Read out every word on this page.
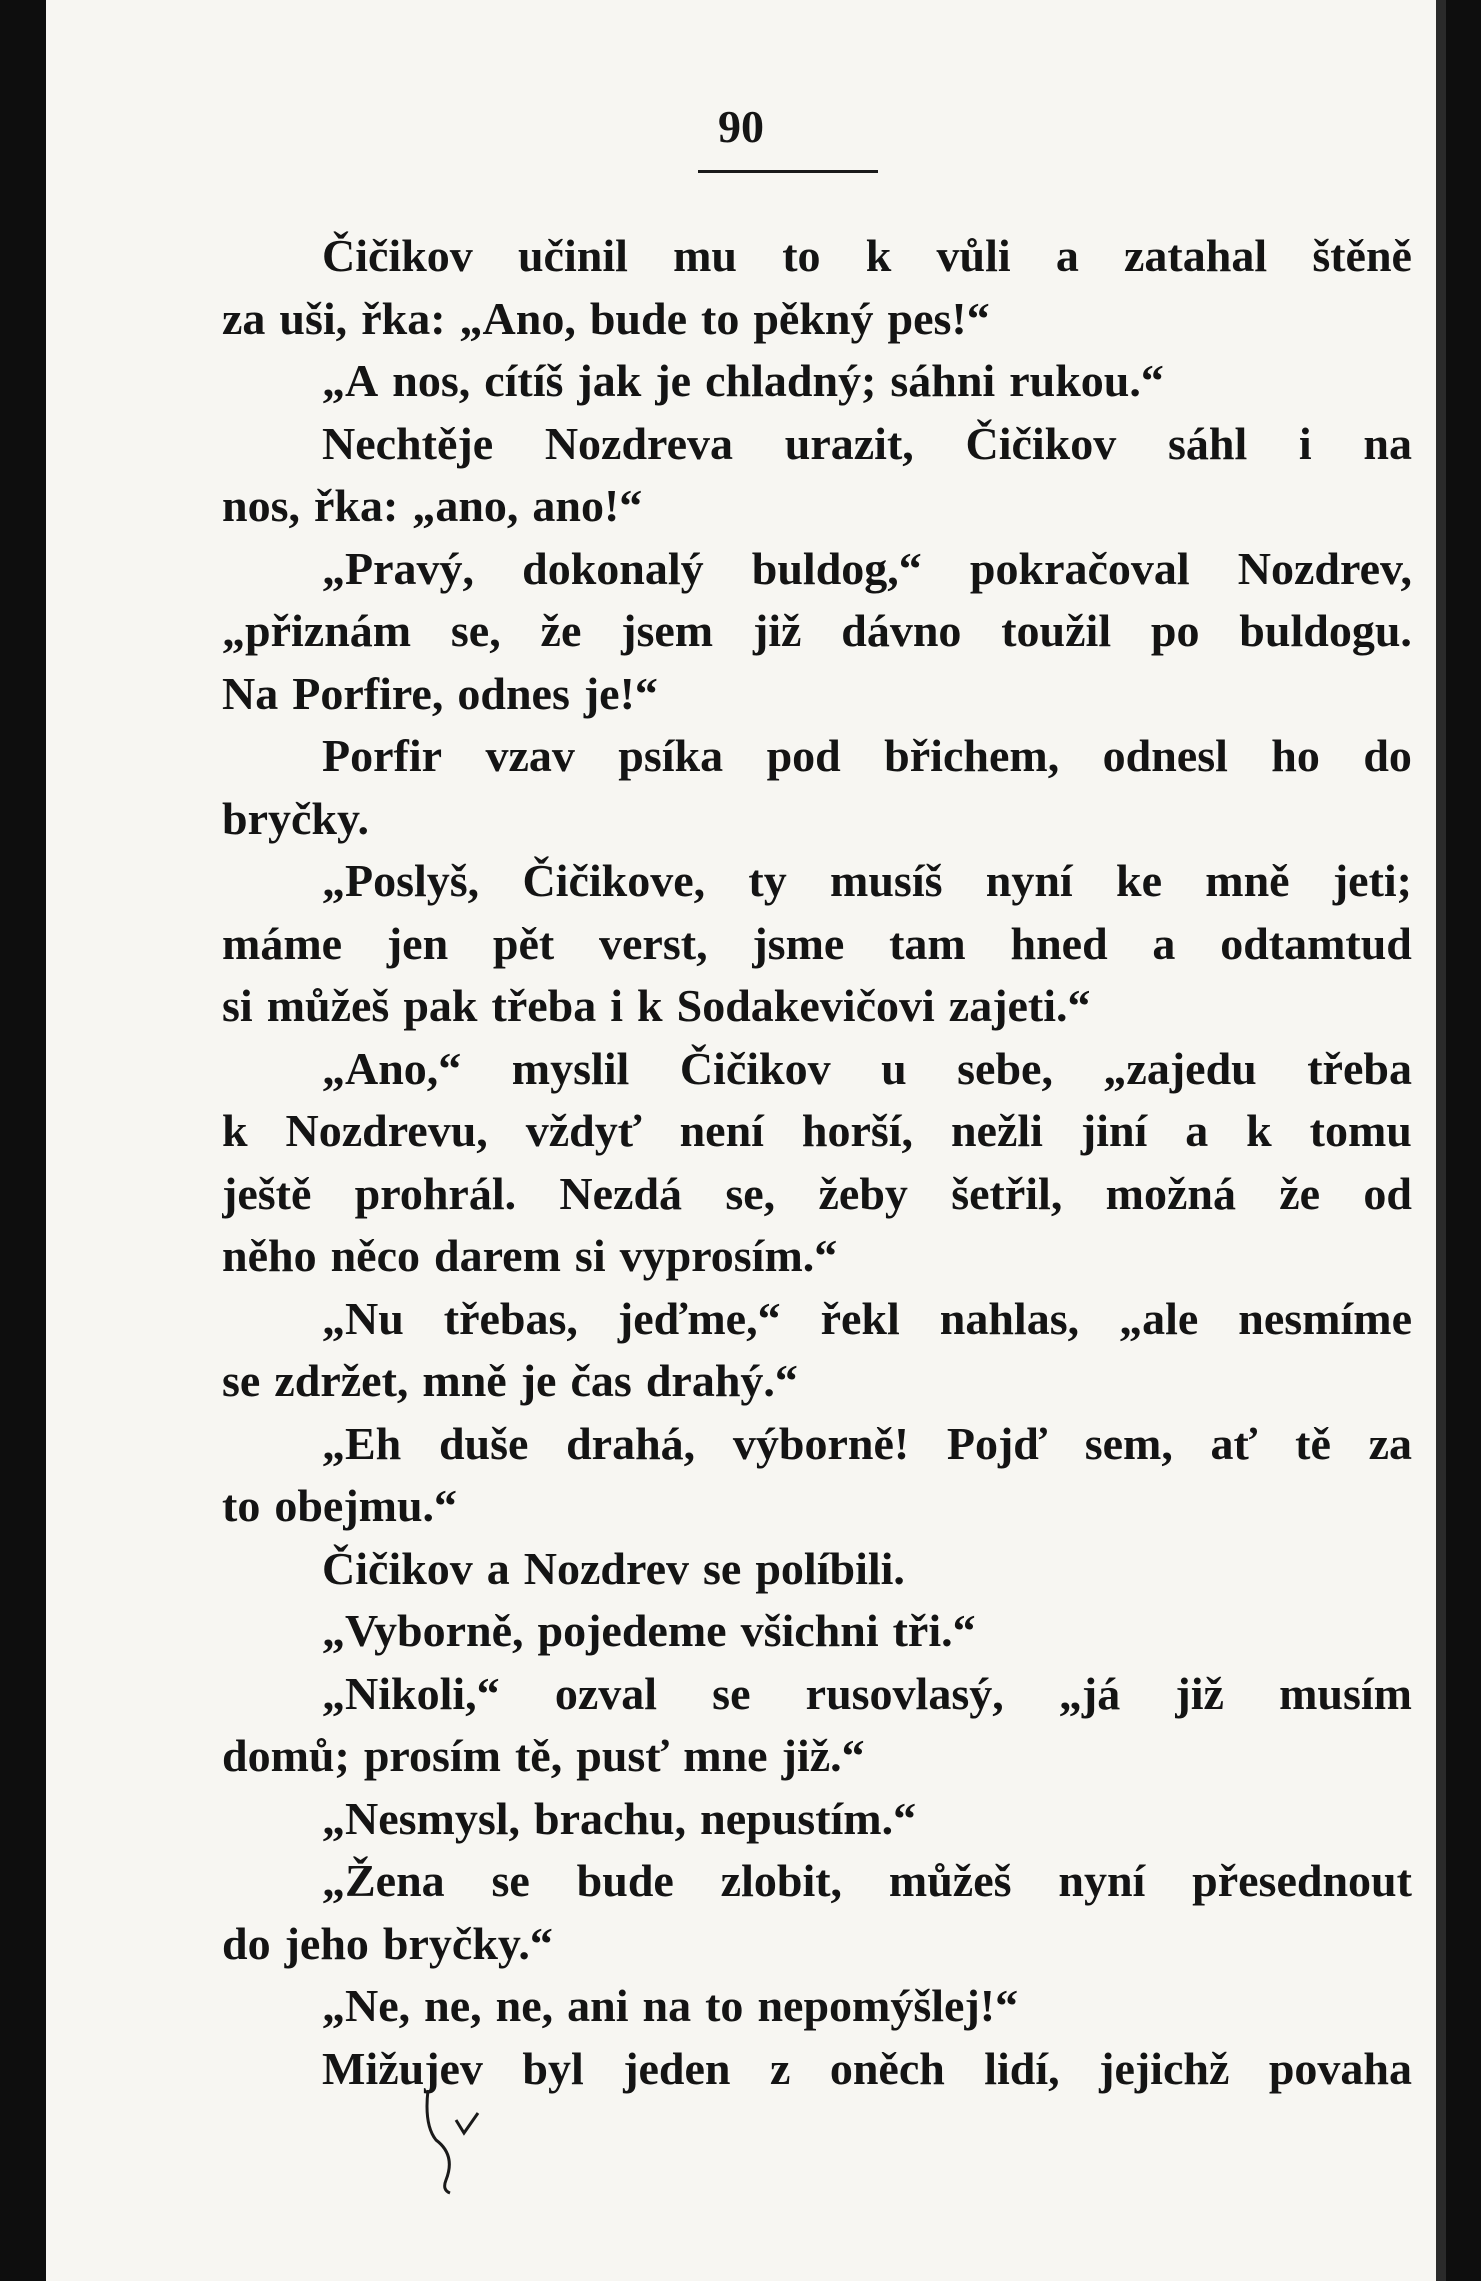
90
Čičikov učinil mu to k vůli a zatahal štěně
za uši, řka: „Ano, bude to pěkný pes!“
„A nos, cítíš jak je chladný; sáhni rukou.“
Nechtěje Nozdreva urazit, Čičikov sáhl i na
nos, řka: „ano, ano!“
„Pravý, dokonalý buldog,“ pokračoval Nozdrev,
„přiznám se, že jsem již dávno toužil po buldogu.
Na Porfire, odnes je!“
Porfir vzav psíka pod břichem, odnesl ho do
bryčky.
„Poslyš, Čičikove, ty musíš nyní ke mně jeti;
máme jen pět verst, jsme tam hned a odtamtud
si můžeš pak třeba i k Sodakevičovi zajeti.“
„Ano,“ myslil Čičikov u sebe, „zajedu třeba
k Nozdrevu, vždyť není horší, nežli jiní a k tomu
ještě prohrál. Nezdá se, žeby šetřil, možná že od
něho něco darem si vyprosím.“
„Nu třebas, jeďme,“ řekl nahlas, „ale nesmíme
se zdržet, mně je čas drahý.“
„Eh duše drahá, výborně! Pojď sem, ať tě za
to obejmu.“
Čičikov a Nozdrev se políbili.
„Vyborně, pojedeme všichni tři.“
„Nikoli,“ ozval se rusovlasý, „já již musím
domů; prosím tě, pusť mne již.“
„Nesmysl, brachu, nepustím.“
„Žena se bude zlobit, můžeš nyní přesednout
do jeho bryčky.“
„Ne, ne, ne, ani na to nepomýšlej!“
Mižujev byl jeden z oněch lidí, jejichž povaha
